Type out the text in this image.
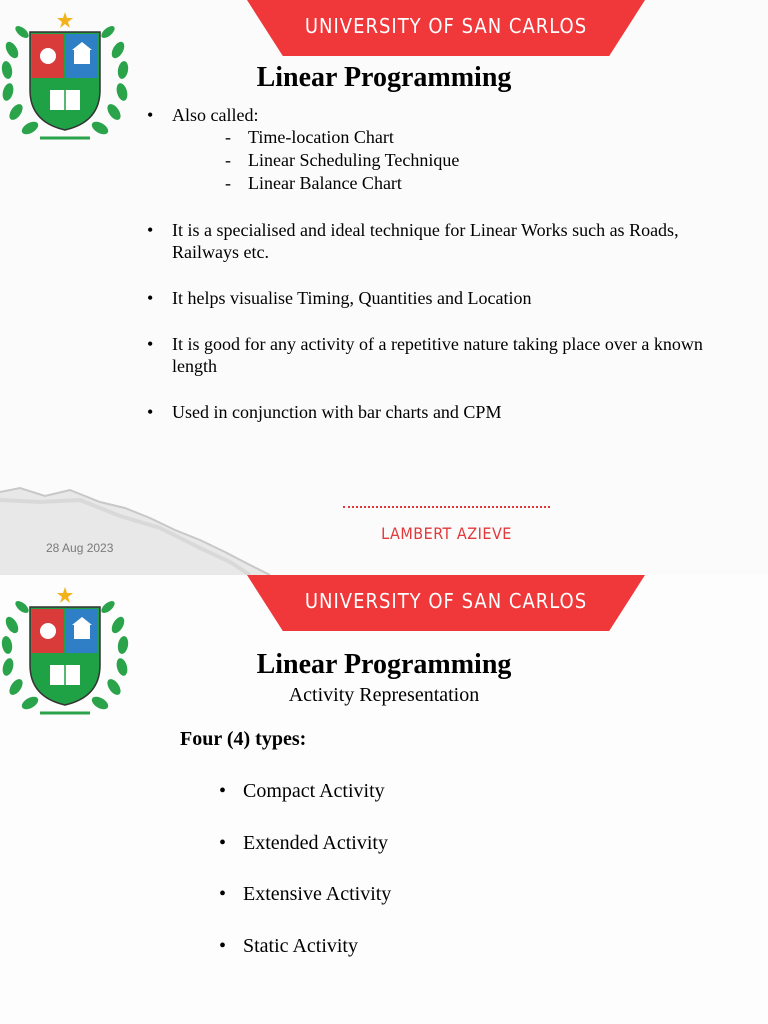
UNIVERSITY OF SAN CARLOS
Linear Programming
• Also called:
- Time-location Chart
- Linear Scheduling Technique
- Linear Balance Chart
• It is a specialised and ideal technique for Linear Works such as Roads, Railways etc.
• It helps visualise Timing, Quantities and Location
• It is good for any activity of a repetitive nature taking place over a known length
• Used in conjunction with bar charts and CPM
28 Aug 2023
LAMBERT AZIEVE
UNIVERSITY OF SAN CARLOS
Linear Programming
Activity Representation
Four (4) types:
• Compact Activity
• Extended Activity
• Extensive Activity
• Static Activity
